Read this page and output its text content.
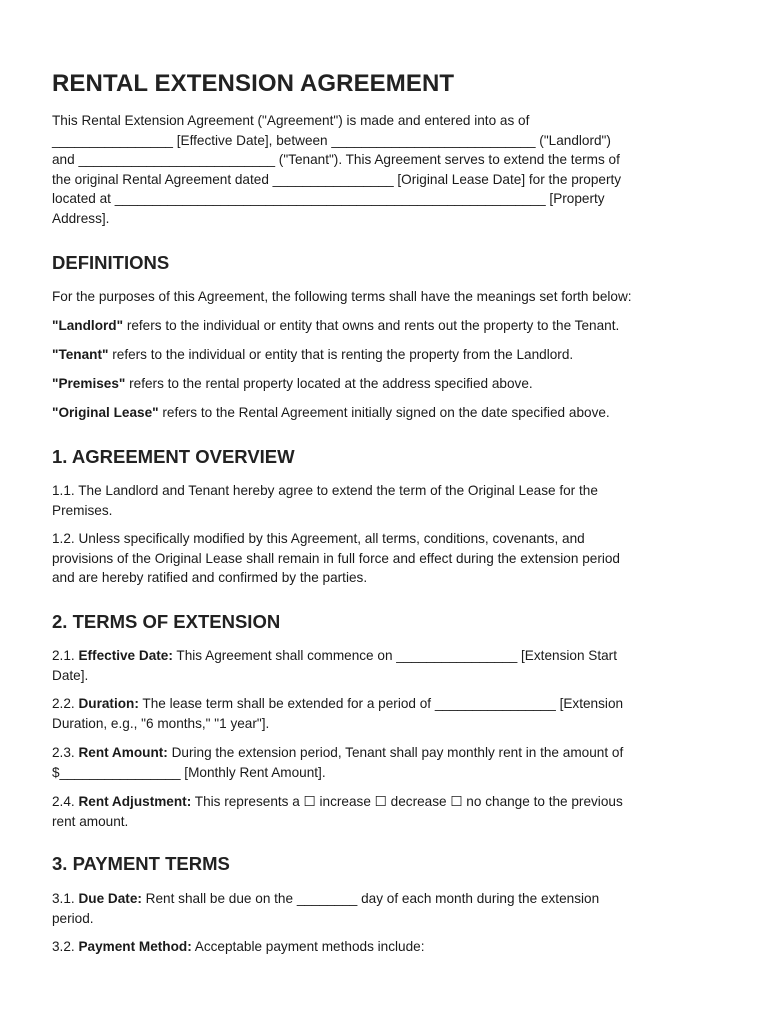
RENTAL EXTENSION AGREEMENT

This Rental Extension Agreement ("Agreement") is made and entered into as of
________________ [Effective Date], between ___________________________ ("Landlord")
and __________________________ ("Tenant"). This Agreement serves to extend the terms of
the original Rental Agreement dated ________________ [Original Lease Date] for the property
located at _________________________________________________________ [Property
Address].

DEFINITIONS

For the purposes of this Agreement, the following terms shall have the meanings set forth below:

"Landlord" refers to the individual or entity that owns and rents out the property to the Tenant.

"Tenant" refers to the individual or entity that is renting the property from the Landlord.

"Premises" refers to the rental property located at the address specified above.

"Original Lease" refers to the Rental Agreement initially signed on the date specified above.

1. AGREEMENT OVERVIEW

1.1. The Landlord and Tenant hereby agree to extend the term of the Original Lease for the
Premises.

1.2. Unless specifically modified by this Agreement, all terms, conditions, covenants, and
provisions of the Original Lease shall remain in full force and effect during the extension period
and are hereby ratified and confirmed by the parties.

2. TERMS OF EXTENSION

2.1. Effective Date: This Agreement shall commence on ________________ [Extension Start
Date].

2.2. Duration: The lease term shall be extended for a period of ________________ [Extension
Duration, e.g., "6 months," "1 year"].

2.3. Rent Amount: During the extension period, Tenant shall pay monthly rent in the amount of
$________________ [Monthly Rent Amount].

2.4. Rent Adjustment: This represents a ☐ increase ☐ decrease ☐ no change to the previous
rent amount.

3. PAYMENT TERMS

3.1. Due Date: Rent shall be due on the ________ day of each month during the extension
period.

3.2. Payment Method: Acceptable payment methods include:
